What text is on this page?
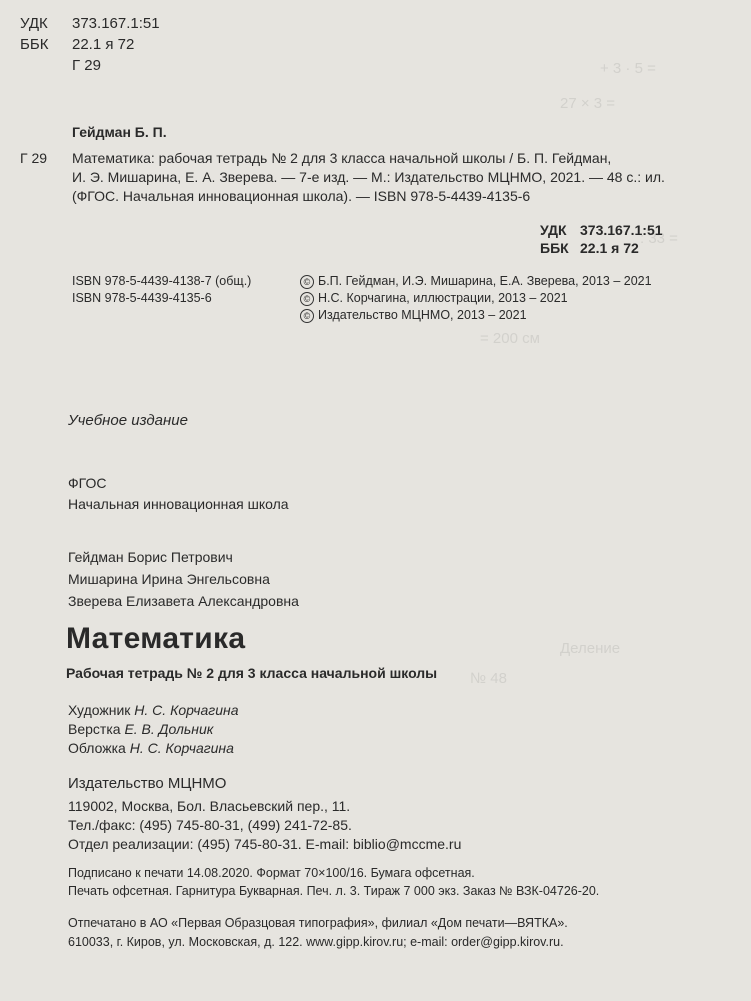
+ 3 · 5 =
27 × 3 =
: 33 =
= 200 см
Деление
№ 48
УДК 373.167.1:51
ББК 22.1 я 72
Г 29
Гейдман Б. П.
Г 29 Математика: рабочая тетрадь № 2 для 3 класса начальной школы / Б. П. Гейдман,
И. Э. Мишарина, Е. А. Зверева. — 7-е изд. — М.: Издательство МЦНМО, 2021. — 48 с.: ил.
(ФГОС. Начальная инновационная школа). — ISBN 978-5-4439-4135-6
УДК 373.167.1:51
ББК 22.1 я 72
ISBN 978-5-4439-4138-7 (общ.)
ISBN 978-5-4439-4135-6
© Б.П. Гейдман, И.Э. Мишарина, Е.А. Зверева, 2013 – 2021
© Н.С. Корчагина, иллюстрации, 2013 – 2021
© Издательство МЦНМО, 2013 – 2021
Учебное издание
ФГОС
Начальная инновационная школа
Гейдман Борис Петрович
Мишарина Ирина Энгельсовна
Зверева Елизавета Александровна
Математика
Рабочая тетрадь № 2 для 3 класса начальной школы
Художник Н. С. Корчагина
Верстка Е. В. Дольник
Обложка Н. С. Корчагина
Издательство МЦНМО
119002, Москва, Бол. Власьевский пер., 11.
Тел./факс: (495) 745-80-31, (499) 241-72-85.
Отдел реализации: (495) 745-80-31. E-mail: biblio@mccme.ru
Подписано к печати 14.08.2020. Формат 70×100/16. Бумага офсетная.
Печать офсетная. Гарнитура Букварная. Печ. л. 3. Тираж 7 000 экз. Заказ № ВЗК-04726-20.
Отпечатано в АО «Первая Образцовая типография», филиал «Дом печати—ВЯТКА».
610033, г. Киров, ул. Московская, д. 122. www.gipp.kirov.ru; e-mail: order@gipp.kirov.ru.
